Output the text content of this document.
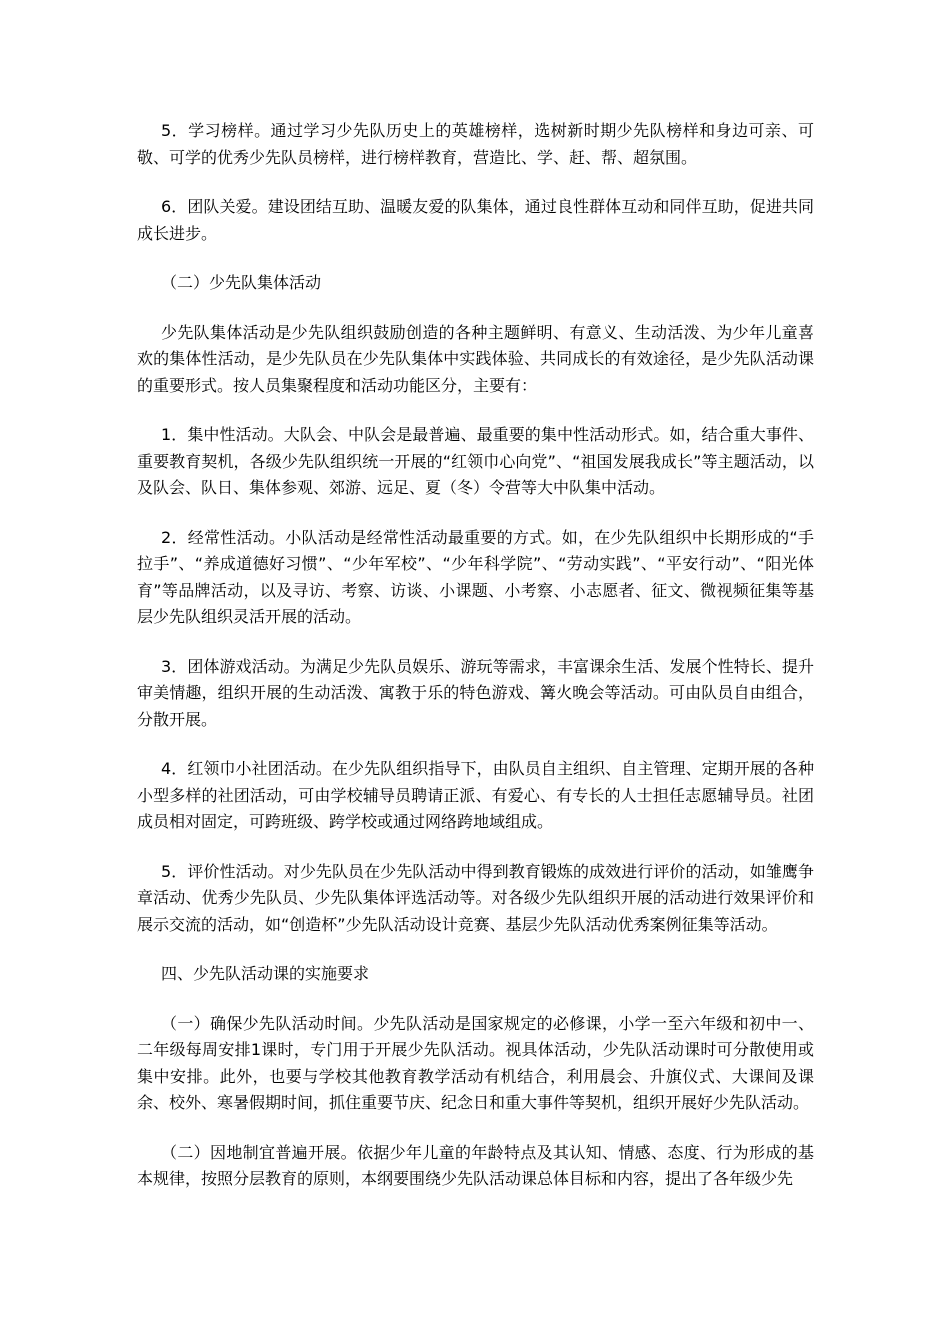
5．学习榜样。通过学习少先队历史上的英雄榜样，选树新时期少先队榜样和身边可亲、可敬、可学的优秀少先队员榜样，进行榜样教育，营造比、学、赶、帮、超氛围。

6．团队关爱。建设团结互助、温暖友爱的队集体，通过良性群体互动和同伴互助，促进共同成长进步。

（二）少先队集体活动

少先队集体活动是少先队组织鼓励创造的各种主题鲜明、有意义、生动活泼、为少年儿童喜欢的集体性活动，是少先队员在少先队集体中实践体验、共同成长的有效途径，是少先队活动课的重要形式。按人员集聚程度和活动功能区分，主要有：

1．集中性活动。大队会、中队会是最普遍、最重要的集中性活动形式。如，结合重大事件、重要教育契机，各级少先队组织统一开展的“红领巾心向党”、“祖国发展我成长”等主题活动，以及队会、队日、集体参观、郊游、远足、夏（冬）令营等大中队集中活动。

2．经常性活动。小队活动是经常性活动最重要的方式。如，在少先队组织中长期形成的“手拉手”、“养成道德好习惯”、“少年军校”、“少年科学院”、“劳动实践”、“平安行动”、“阳光体育”等品牌活动，以及寻访、考察、访谈、小课题、小考察、小志愿者、征文、微视频征集等基层少先队组织灵活开展的活动。

3．团体游戏活动。为满足少先队员娱乐、游玩等需求，丰富课余生活、发展个性特长、提升审美情趣，组织开展的生动活泼、寓教于乐的特色游戏、篝火晚会等活动。可由队员自由组合，分散开展。

4．红领巾小社团活动。在少先队组织指导下，由队员自主组织、自主管理、定期开展的各种小型多样的社团活动，可由学校辅导员聘请正派、有爱心、有专长的人士担任志愿辅导员。社团成员相对固定，可跨班级、跨学校或通过网络跨地域组成。

5．评价性活动。对少先队员在少先队活动中得到教育锻炼的成效进行评价的活动，如雏鹰争章活动、优秀少先队员、少先队集体评选活动等。对各级少先队组织开展的活动进行效果评价和展示交流的活动，如“创造杯”少先队活动设计竞赛、基层少先队活动优秀案例征集等活动。

四、少先队活动课的实施要求

（一）确保少先队活动时间。少先队活动是国家规定的必修课，小学一至六年级和初中一、二年级每周安排1课时，专门用于开展少先队活动。视具体活动，少先队活动课时可分散使用或集中安排。此外，也要与学校其他教育教学活动有机结合，利用晨会、升旗仪式、大课间及课余、校外、寒暑假期时间，抓住重要节庆、纪念日和重大事件等契机，组织开展好少先队活动。

（二）因地制宜普遍开展。依据少年儿童的年龄特点及其认知、情感、态度、行为形成的基本规律，按照分层教育的原则，本纲要围绕少先队活动课总体目标和内容，提出了各年级少先
